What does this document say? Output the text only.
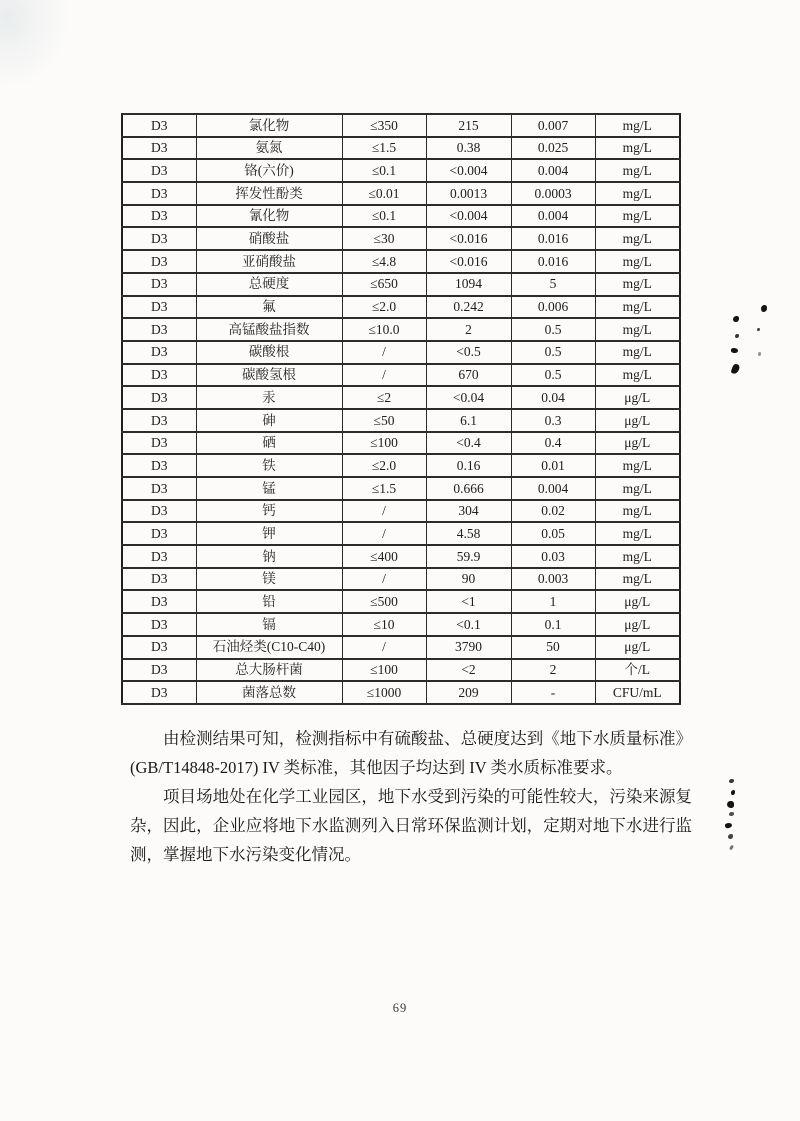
D3	氯化物	≤350	215	0.007	mg/L
D3	氨氮	≤1.5	0.38	0.025	mg/L
D3	铬(六价)	≤0.1	<0.004	0.004	mg/L
D3	挥发性酚类	≤0.01	0.0013	0.0003	mg/L
D3	氰化物	≤0.1	<0.004	0.004	mg/L
D3	硝酸盐	≤30	<0.016	0.016	mg/L
D3	亚硝酸盐	≤4.8	<0.016	0.016	mg/L
D3	总硬度	≤650	1094	5	mg/L
D3	氟	≤2.0	0.242	0.006	mg/L
D3	高锰酸盐指数	≤10.0	2	0.5	mg/L
D3	碳酸根	/	<0.5	0.5	mg/L
D3	碳酸氢根	/	670	0.5	mg/L
D3	汞	≤2	<0.04	0.04	μg/L
D3	砷	≤50	6.1	0.3	μg/L
D3	硒	≤100	<0.4	0.4	μg/L
D3	铁	≤2.0	0.16	0.01	mg/L
D3	锰	≤1.5	0.666	0.004	mg/L
D3	钙	/	304	0.02	mg/L
D3	钾	/	4.58	0.05	mg/L
D3	钠	≤400	59.9	0.03	mg/L
D3	镁	/	90	0.003	mg/L
D3	铅	≤500	<1	1	μg/L
D3	镉	≤10	<0.1	0.1	μg/L
D3	石油烃类(C10-C40)	/	3790	50	μg/L
D3	总大肠杆菌	≤100	<2	2	个/L
D3	菌落总数	≤1000	209	-	CFU/mL

由检测结果可知，检测指标中有硫酸盐、总硬度达到《地下水质量标准》(GB/T14848-2017) IV 类标准，其他因子均达到 IV 类水质标准要求。

项目场地处在化学工业园区，地下水受到污染的可能性较大，污染来源复杂，因此，企业应将地下水监测列入日常环保监测计划，定期对地下水进行监测，掌握地下水污染变化情况。

69
